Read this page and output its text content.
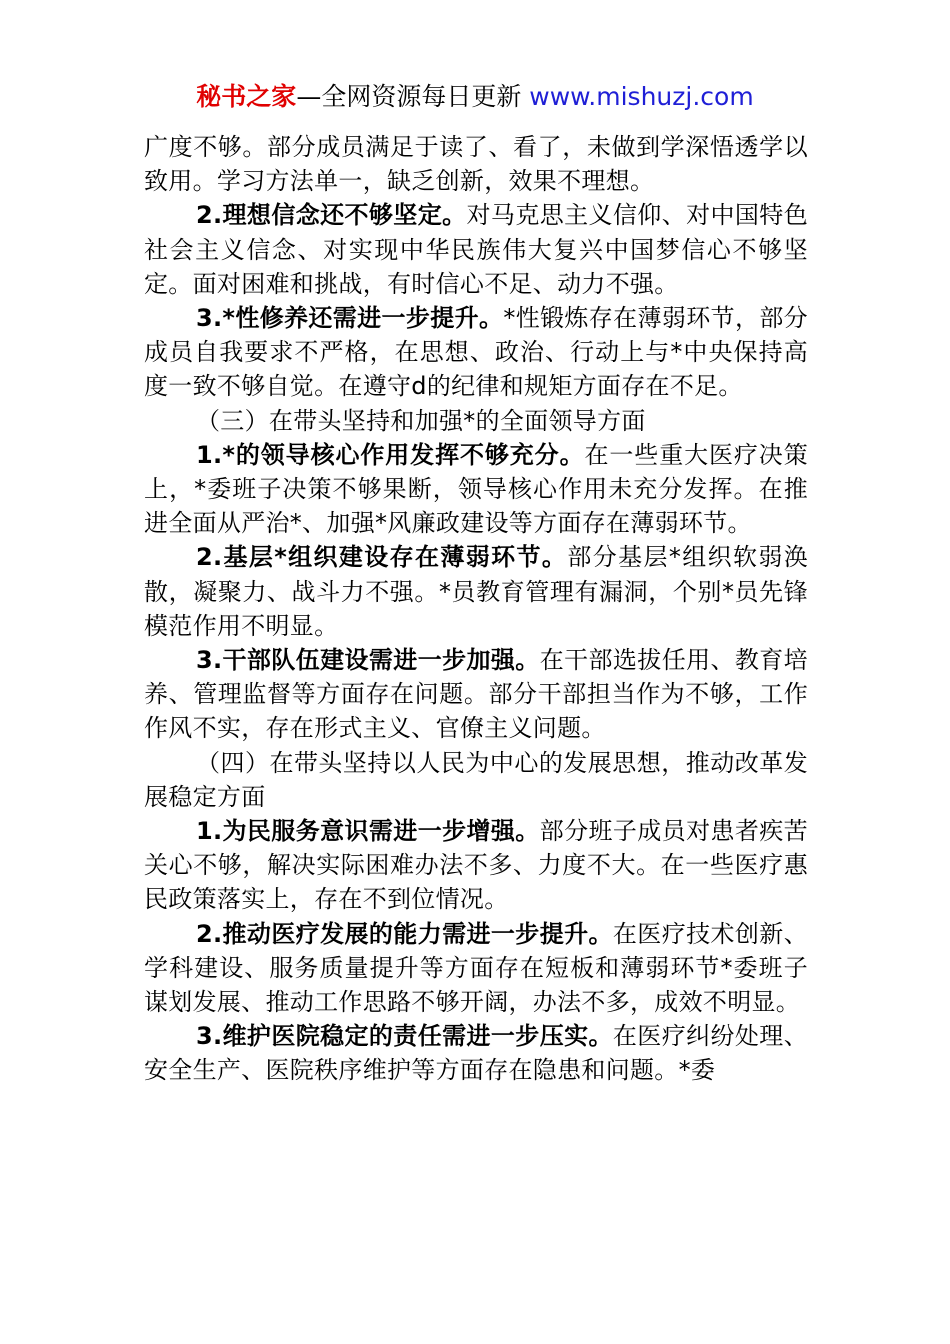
秘书之家—全网资源每日更新 www.mishuzj.com

广度不够。部分成员满足于读了、看了，未做到学深悟透学以致用。学习方法单一，缺乏创新，效果不理想。

2.理想信念还不够坚定。对马克思主义信仰、对中国特色社会主义信念、对实现中华民族伟大复兴中国梦信心不够坚定。面对困难和挑战，有时信心不足、动力不强。

3.*性修养还需进一步提升。*性锻炼存在薄弱环节，部分成员自我要求不严格，在思想、政治、行动上与*中央保持高度一致不够自觉。在遵守d的纪律和规矩方面存在不足。

（三）在带头坚持和加强*的全面领导方面

1.*的领导核心作用发挥不够充分。在一些重大医疗决策上，*委班子决策不够果断，领导核心作用未充分发挥。在推进全面从严治*、加强*风廉政建设等方面存在薄弱环节。

2.基层*组织建设存在薄弱环节。部分基层*组织软弱涣散，凝聚力、战斗力不强。*员教育管理有漏洞，个别*员先锋模范作用不明显。

3.干部队伍建设需进一步加强。在干部选拔任用、教育培养、管理监督等方面存在问题。部分干部担当作为不够，工作作风不实，存在形式主义、官僚主义问题。

（四）在带头坚持以人民为中心的发展思想，推动改革发展稳定方面

1.为民服务意识需进一步增强。部分班子成员对患者疾苦关心不够，解决实际困难办法不多、力度不大。在一些医疗惠民政策落实上，存在不到位情况。

2.推动医疗发展的能力需进一步提升。在医疗技术创新、学科建设、服务质量提升等方面存在短板和薄弱环节*委班子谋划发展、推动工作思路不够开阔，办法不多，成效不明显。

3.维护医院稳定的责任需进一步压实。在医疗纠纷处理、安全生产、医院秩序维护等方面存在隐患和问题。*委
